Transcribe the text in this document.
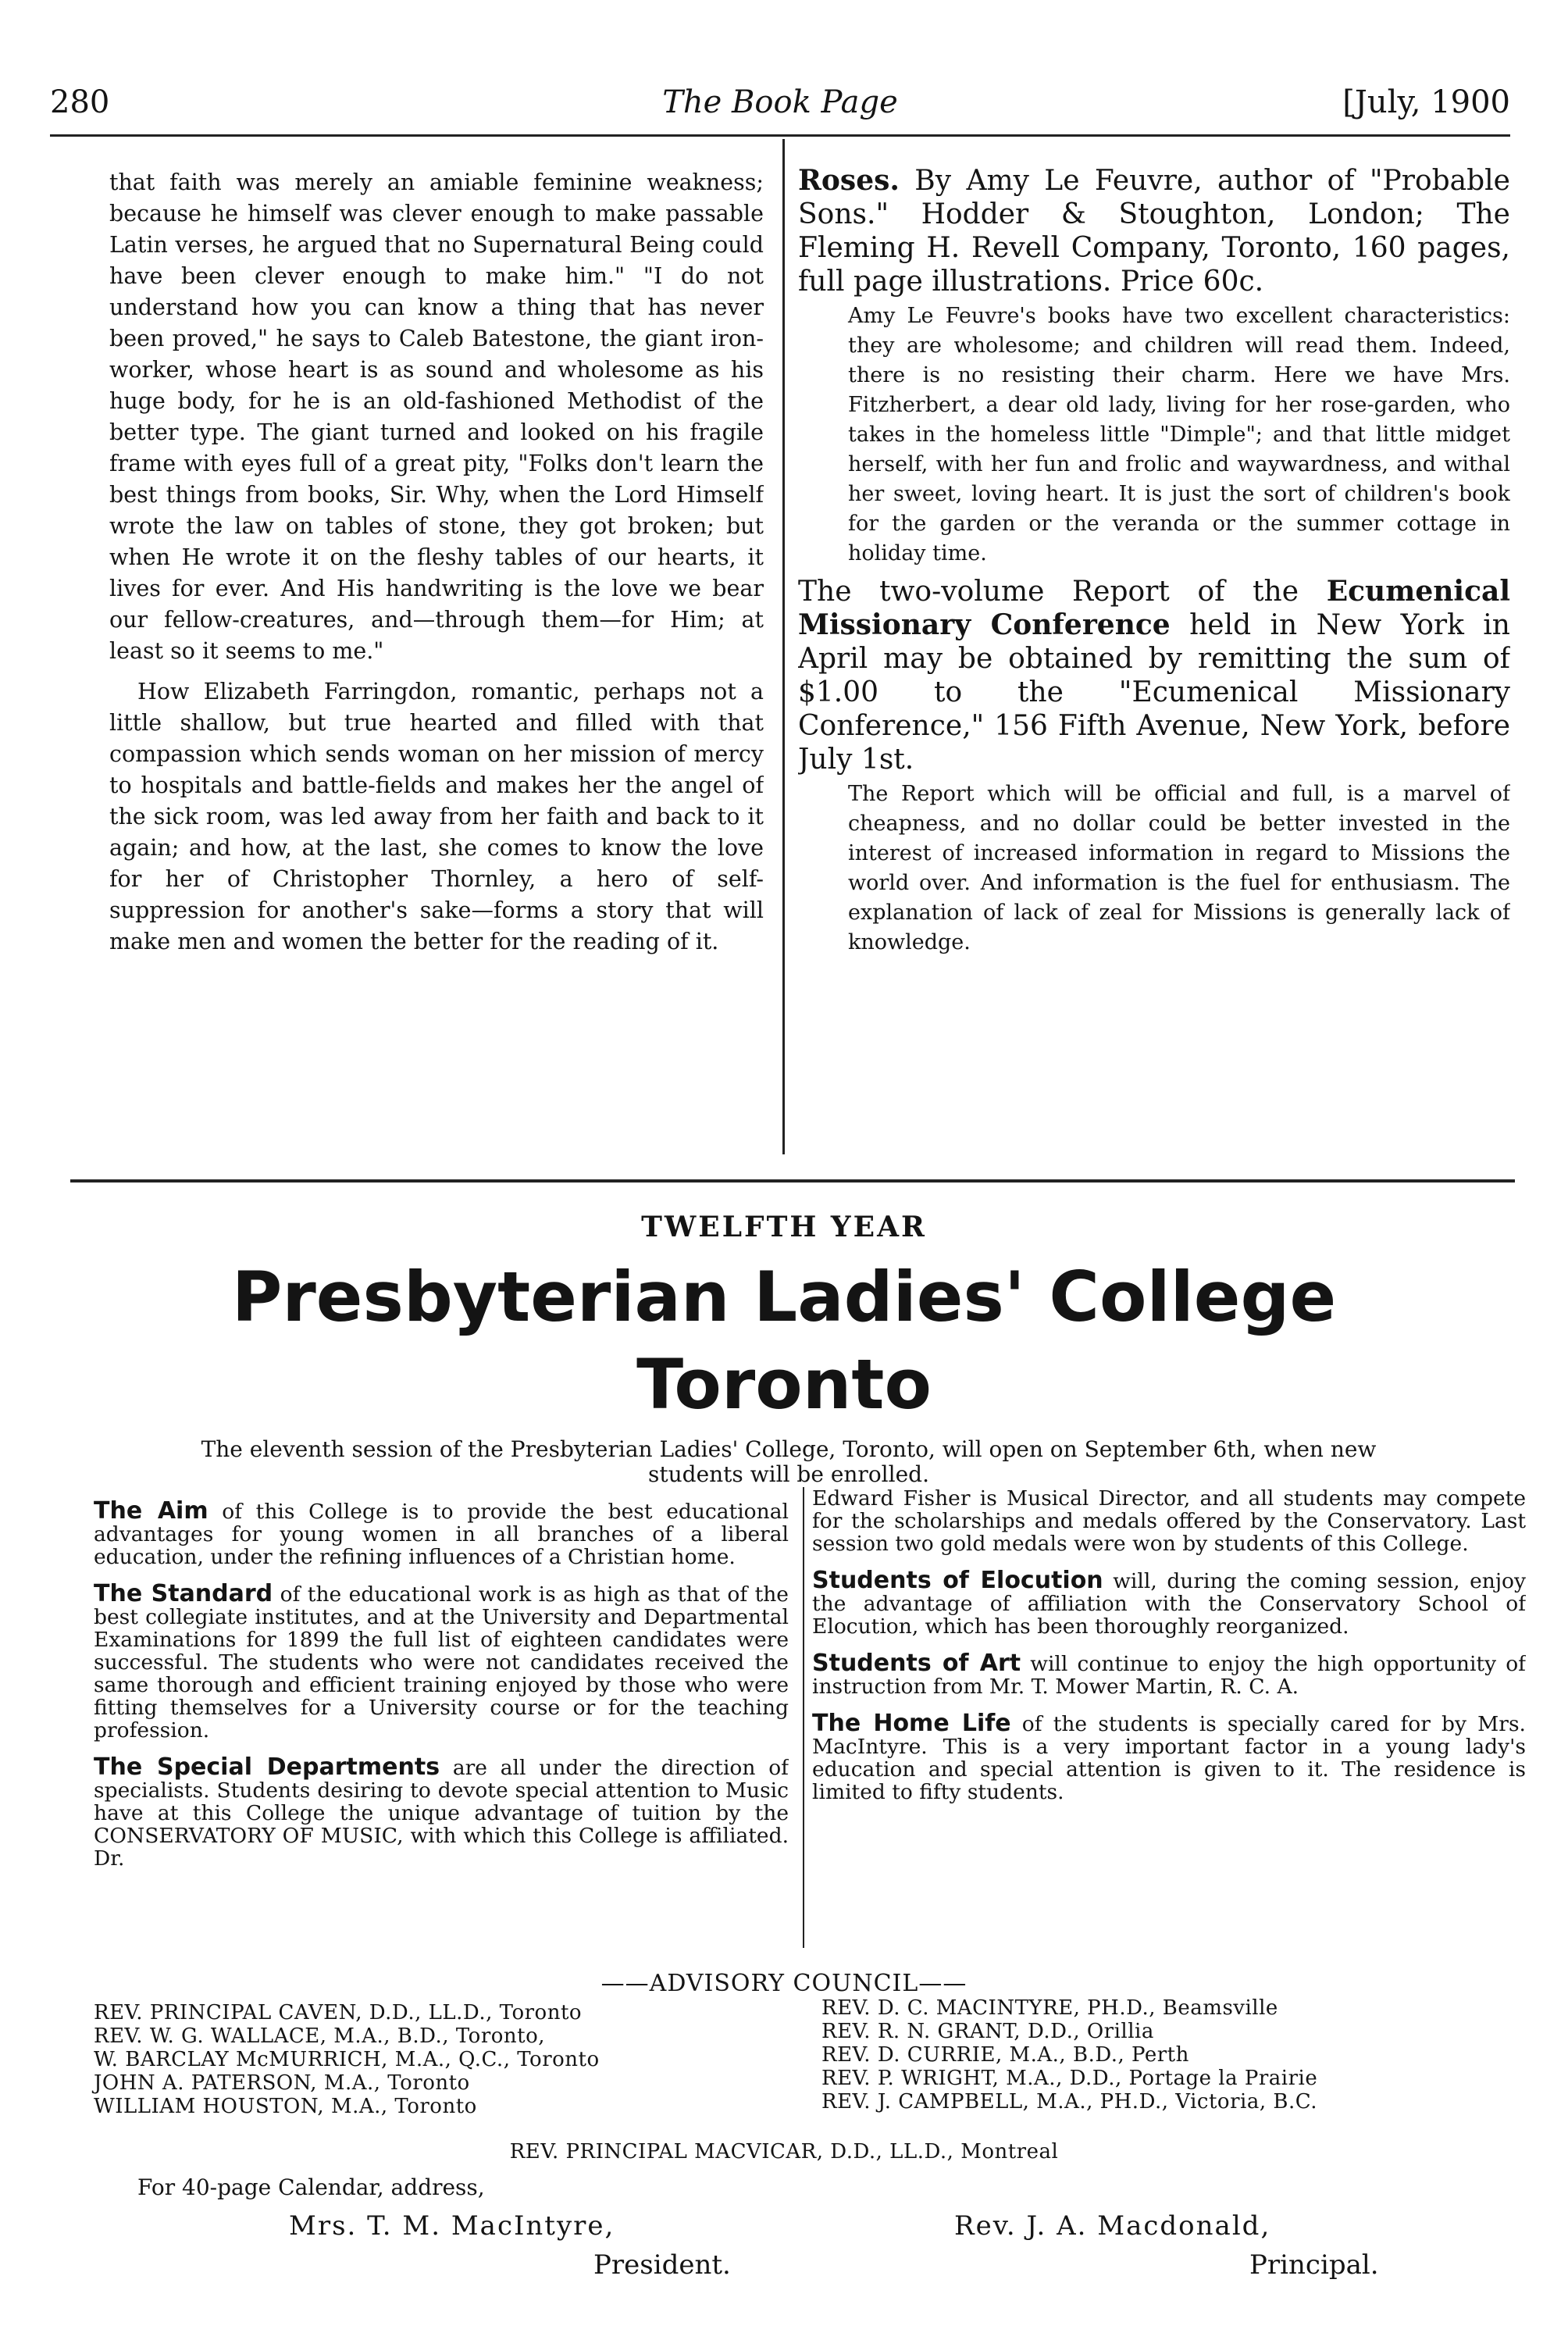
280	The Book Page	[July, 1900

that faith was merely an amiable feminine weakness; because he himself was clever enough to make passable Latin verses, he argued that no Supernatural Being could have been clever enough to make him." "I do not understand how you can know a thing that has never been proved," he says to Caleb Batestone, the giant iron-worker, whose heart is as sound and wholesome as his huge body, for he is an old-fashioned Methodist of the better type. The giant turned and looked on his fragile frame with eyes full of a great pity, "Folks don't learn the best things from books, Sir. Why, when the Lord Himself wrote the law on tables of stone, they got broken; but when He wrote it on the fleshy tables of our hearts, it lives for ever. And His handwriting is the love we bear our fellow-creatures, and—through them—for Him; at least so it seems to me."

How Elizabeth Farringdon, romantic, perhaps not a little shallow, but true hearted and filled with that compassion which sends woman on her mission of mercy to hospitals and battle-fields and makes her the angel of the sick room, was led away from her faith and back to it again; and how, at the last, she comes to know the love for her of Christopher Thornley, a hero of self-suppression for another's sake—forms a story that will make men and women the better for the reading of it.

Roses. By Amy Le Feuvre, author of "Probable Sons." Hodder & Stoughton, London; The Fleming H. Revell Company, Toronto, 160 pages, full page illustrations. Price 60c.

Amy Le Feuvre's books have two excellent characteristics: they are wholesome; and children will read them. Indeed, there is no resisting their charm. Here we have Mrs. Fitzherbert, a dear old lady, living for her rose-garden, who takes in the homeless little "Dimple"; and that little midget herself, with her fun and frolic and waywardness, and withal her sweet, loving heart. It is just the sort of children's book for the garden or the veranda or the summer cottage in holiday time.

The two-volume Report of the Ecumenical Missionary Conference held in New York in April may be obtained by remitting the sum of $1.00 to the "Ecumenical Missionary Conference," 156 Fifth Avenue, New York, before July 1st.

The Report which will be official and full, is a marvel of cheapness, and no dollar could be better invested in the interest of increased information in regard to Missions the world over. And information is the fuel for enthusiasm. The explanation of lack of zeal for Missions is generally lack of knowledge.

TWELFTH YEAR
Presbyterian Ladies' College
Toronto
The eleventh session of the Presbyterian Ladies' College, Toronto, will open on September 6th, when new students will be enrolled.

The Aim of this College is to provide the best educational advantages for young women in all branches of a liberal education, under the refining influences of a Christian home.

The Standard of the educational work is as high as that of the best collegiate institutes, and at the University and Departmental Examinations for 1899 the full list of eighteen candidates were successful. The students who were not candidates received the same thorough and efficient training enjoyed by those who were fitting themselves for a University course or for the teaching profession.

The Special Departments are all under the direction of specialists. Students desiring to devote special attention to Music have at this College the unique advantage of tuition by the CONSERVATORY OF MUSIC, with which this College is affiliated. Dr.

Edward Fisher is Musical Director, and all students may compete for the scholarships and medals offered by the Conservatory. Last session two gold medals were won by students of this College.

Students of Elocution will, during the coming session, enjoy the advantage of affiliation with the Conservatory School of Elocution, which has been thoroughly reorganized.

Students of Art will continue to enjoy the high opportunity of instruction from Mr. T. Mower Martin, R. C. A.

The Home Life of the students is specially cared for by Mrs. MacIntyre. This is a very important factor in a young lady's education and special attention is given to it. The residence is limited to fifty students.

——ADVISORY COUNCIL——
REV. PRINCIPAL CAVEN, D.D., LL.D., Toronto
REV. W. G. WALLACE, M.A., B.D., Toronto,
W. BARCLAY McMURRICH, M.A., Q.C., Toronto
JOHN A. PATERSON, M.A., Toronto
WILLIAM HOUSTON, M.A., Toronto
REV. D. C. MACINTYRE, PH.D., Beamsville
REV. R. N. GRANT, D.D., Orillia
REV. D. CURRIE, M.A., B.D., Perth
REV. P. WRIGHT, M.A., D.D., Portage la Prairie
REV. J. CAMPBELL, M.A., PH.D., Victoria, B.C.
REV. PRINCIPAL MACVICAR, D.D., LL.D., Montreal
For 40-page Calendar, address,
Mrs. T. M. MacIntyre,
President.
Rev. J. A. Macdonald,
Principal.
